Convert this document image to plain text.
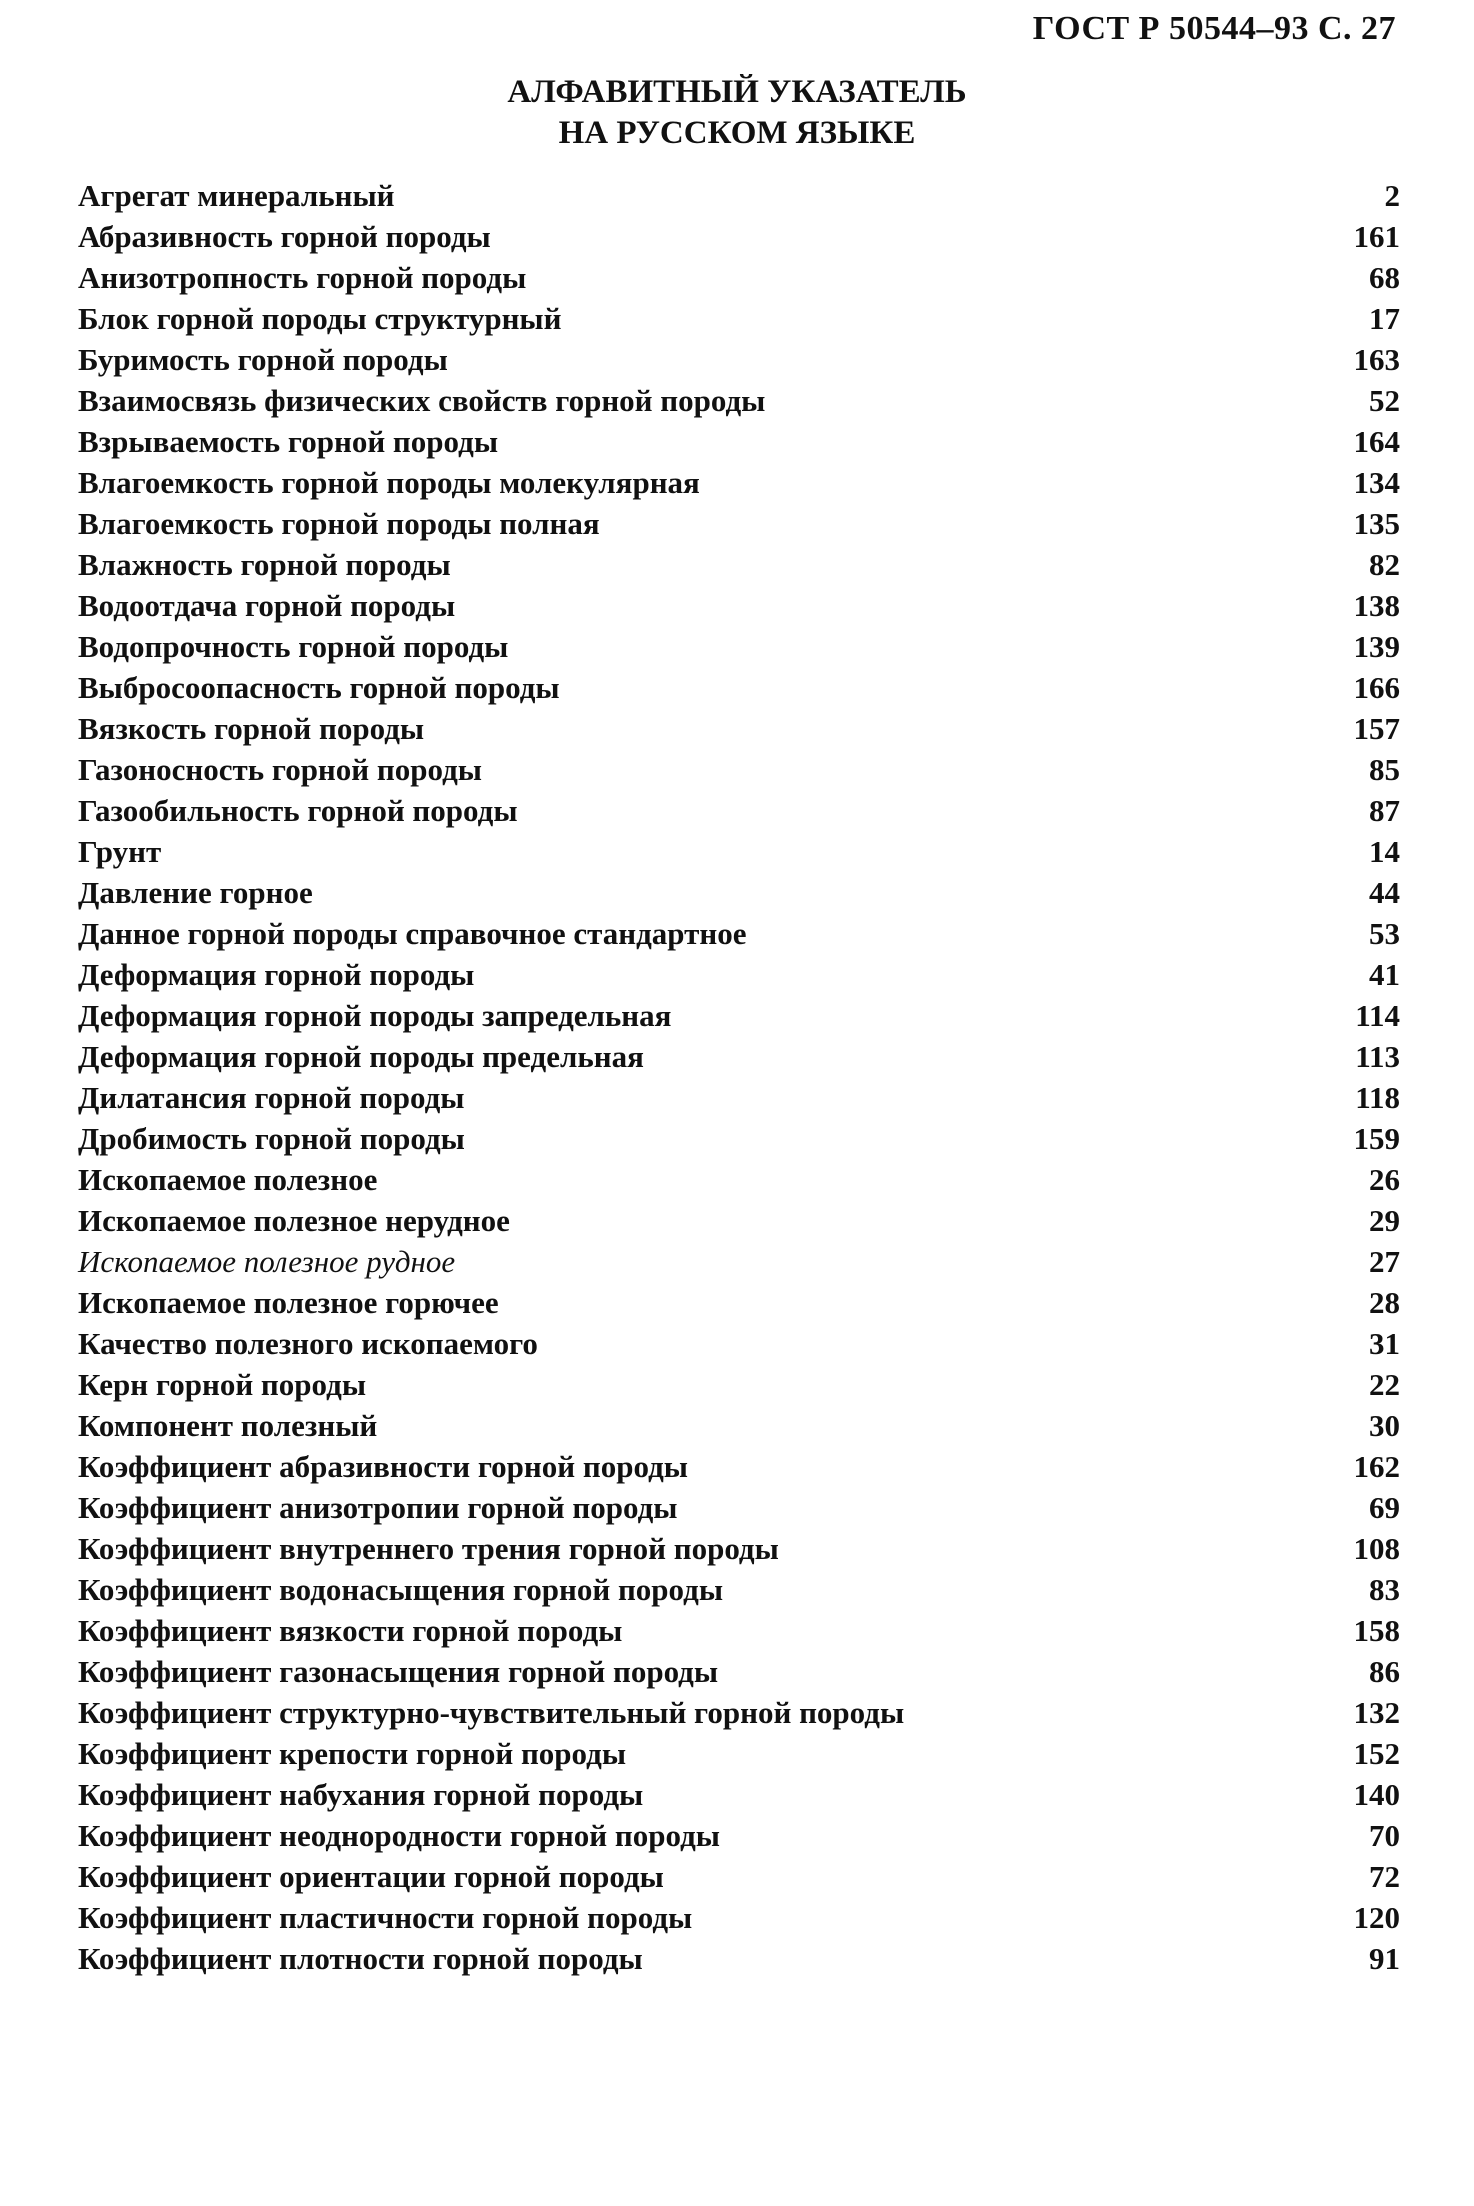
ГОСТ Р 50544–93 С. 27
АЛФАВИТНЫЙ УКАЗАТЕЛЬ
НА РУССКОМ ЯЗЫКЕ
Агрегат минеральный	2
Абразивность горной породы	161
Анизотропность горной породы	68
Блок горной породы структурный	17
Буримость горной породы	163
Взаимосвязь физических свойств горной породы	52
Взрываемость горной породы	164
Влагоемкость горной породы молекулярная	134
Влагоемкость горной породы полная	135
Влажность горной породы	82
Водоотдача горной породы	138
Водопрочность горной породы	139
Выбросоопасность горной породы	166
Вязкость горной породы	157
Газоносность горной породы	85
Газообильность горной породы	87
Грунт	14
Давление горное	44
Данное горной породы справочное стандартное	53
Деформация горной породы	41
Деформация горной породы запредельная	114
Деформация горной породы предельная	113
Дилатансия горной породы	118
Дробимость горной породы	159
Ископаемое полезное	26
Ископаемое полезное нерудное	29
Ископаемое полезное рудное	27
Ископаемое полезное горючее	28
Качество полезного ископаемого	31
Керн горной породы	22
Компонент полезный	30
Коэффициент абразивности горной породы	162
Коэффициент анизотропии горной породы	69
Коэффициент внутреннего трения горной породы	108
Коэффициент водонасыщения горной породы	83
Коэффициент вязкости горной породы	158
Коэффициент газонасыщения горной породы	86
Коэффициент структурно-чувствительный горной породы	132
Коэффициент крепости горной породы	152
Коэффициент набухания горной породы	140
Коэффициент неоднородности горной породы	70
Коэффициент ориентации горной породы	72
Коэффициент пластичности горной породы	120
Коэффициент плотности горной породы	91
